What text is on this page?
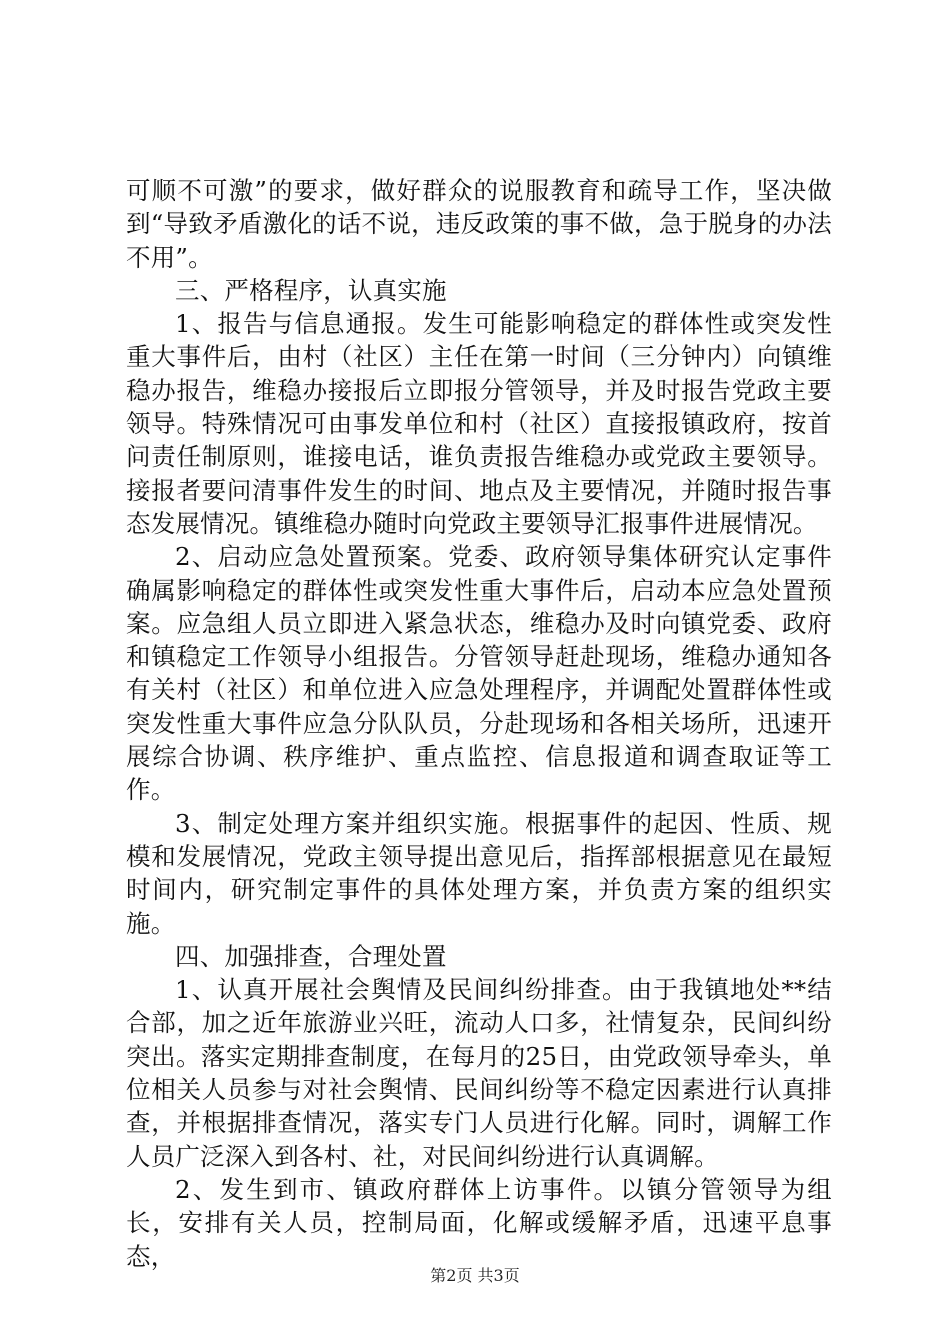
可顺不可激”的要求，做好群众的说服教育和疏导工作，坚决做到“导致矛盾激化的话不说，违反政策的事不做，急于脱身的办法不用”。

三、严格程序，认真实施

1、报告与信息通报。发生可能影响稳定的群体性或突发性重大事件后，由村（社区）主任在第一时间（三分钟内）向镇维稳办报告，维稳办接报后立即报分管领导，并及时报告党政主要领导。特殊情况可由事发单位和村（社区）直接报镇政府，按首问责任制原则，谁接电话，谁负责报告维稳办或党政主要领导。接报者要问清事件发生的时间、地点及主要情况，并随时报告事态发展情况。镇维稳办随时向党政主要领导汇报事件进展情况。

2、启动应急处置预案。党委、政府领导集体研究认定事件确属影响稳定的群体性或突发性重大事件后，启动本应急处置预案。应急组人员立即进入紧急状态，维稳办及时向镇党委、政府和镇稳定工作领导小组报告。分管领导赶赴现场，维稳办通知各有关村（社区）和单位进入应急处理程序，并调配处置群体性或突发性重大事件应急分队队员，分赴现场和各相关场所，迅速开展综合协调、秩序维护、重点监控、信息报道和调查取证等工作。

3、制定处理方案并组织实施。根据事件的起因、性质、规模和发展情况，党政主领导提出意见后，指挥部根据意见在最短时间内，研究制定事件的具体处理方案，并负责方案的组织实施。

四、加强排查，合理处置

1、认真开展社会舆情及民间纠纷排查。由于我镇地处**结合部，加之近年旅游业兴旺，流动人口多，社情复杂，民间纠纷突出。落实定期排查制度，在每月的25日，由党政领导牵头，单位相关人员参与对社会舆情、民间纠纷等不稳定因素进行认真排查，并根据排查情况，落实专门人员进行化解。同时，调解工作人员广泛深入到各村、社，对民间纠纷进行认真调解。

2、发生到市、镇政府群体上访事件。以镇分管领导为组长，安排有关人员，控制局面，化解或缓解矛盾，迅速平息事态，

第2页 共3页
